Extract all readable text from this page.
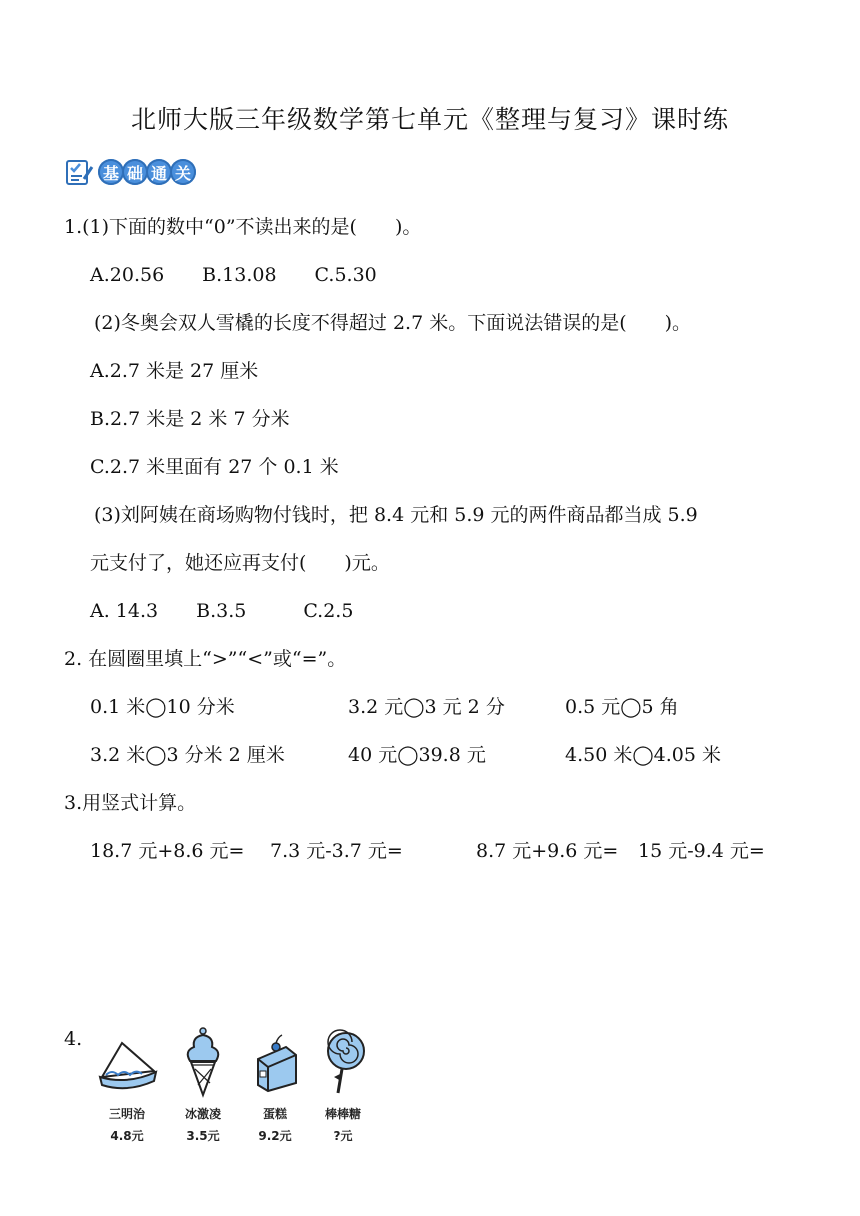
北师大版三年级数学第七单元《整理与复习》课时练
基 础 通 关
1.(1)下面的数中“0”不读出来的是(　　)。
A.20.56　　B.13.08　　C.5.30
(2)冬奥会双人雪橇的长度不得超过 2.7 米。下面说法错误的是(　　)。
A.2.7 米是 27 厘米
B.2.7 米是 2 米 7 分米
C.2.7 米里面有 27 个 0.1 米
(3)刘阿姨在商场购物付钱时，把 8.4 元和 5.9 元的两件商品都当成 5.9
元支付了，她还应再支付(　　)元。
A. 14.3　　B.3.5　　　C.2.5
2. 在圆圈里填上“>”“<”或“=”。
0.1 米◯10 分米	3.2 元◯3 元 2 分	0.5 元◯5 角
3.2 米◯3 分米 2 厘米	40 元◯39.8 元	4.50 米◯4.05 米
3.用竖式计算。
18.7 元+8.6 元= 7.3 元-3.7 元=	8.7 元+9.6 元= 15 元-9.4 元=
4.
三明治
4.8元
冰激凌
3.5元
蛋糕
9.2元
棒棒糖
?元
